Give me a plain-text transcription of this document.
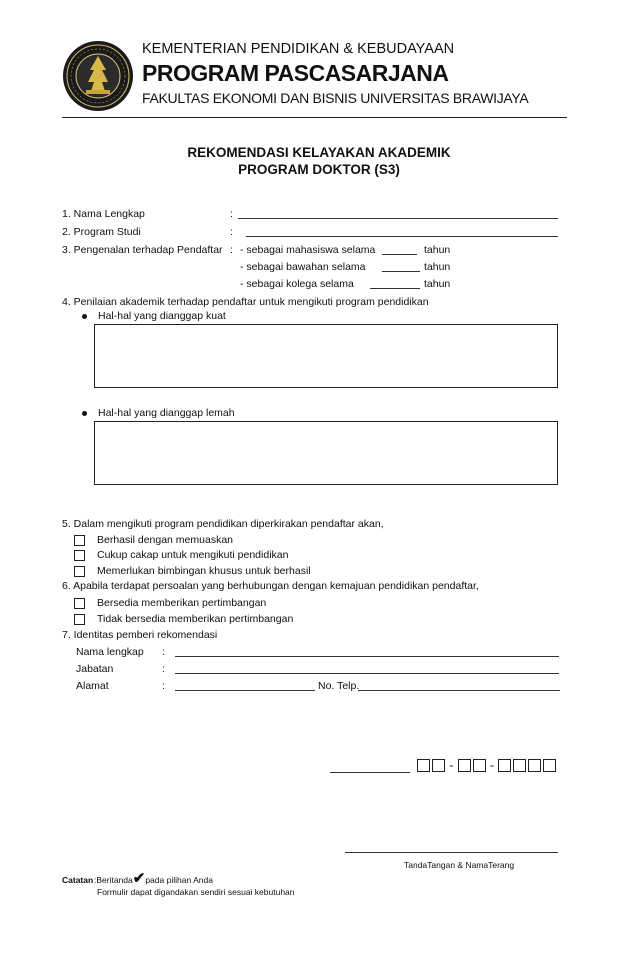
KEMENTERIAN PENDIDIKAN & KEBUDAYAAN
PROGRAM PASCASARJANA
FAKULTAS EKONOMI DAN BISNIS UNIVERSITAS BRAWIJAYA
REKOMENDASI KELAYAKAN AKADEMIK
PROGRAM DOKTOR (S3)
1. Nama Lengkap	:
2. Program Studi	:
3. Pengenalan terhadap Pendaftar : - sebagai mahasiswa selama	tahun
- sebagai bawahan selama	tahun
- sebagai kolega selama	tahun
4. Penilaian akademik terhadap pendaftar untuk mengikuti program pendidikan
Hal-hal yang dianggap kuat
Hal-hal yang dianggap lemah
5. Dalam mengikuti program pendidikan diperkirakan pendaftar akan,
Berhasil dengan memuaskan
Cukup cakap untuk mengikuti pendidikan
Memerlukan bimbingan khusus untuk berhasil
6. Apabila terdapat persoalan yang berhubungan dengan kemajuan pendidikan pendaftar,
Bersedia memberikan pertimbangan
Tidak bersedia memberikan pertimbangan
7. Identitas pemberi rekomendasi
Nama lengkap :
Jabatan	:
Alamat	:	No. Telp.
-	-
TandaTangan & NamaTerang
Catatan :Beritanda✔pada pilihan Anda
Formulir dapat digandakan sendiri sesuai kebutuhan
